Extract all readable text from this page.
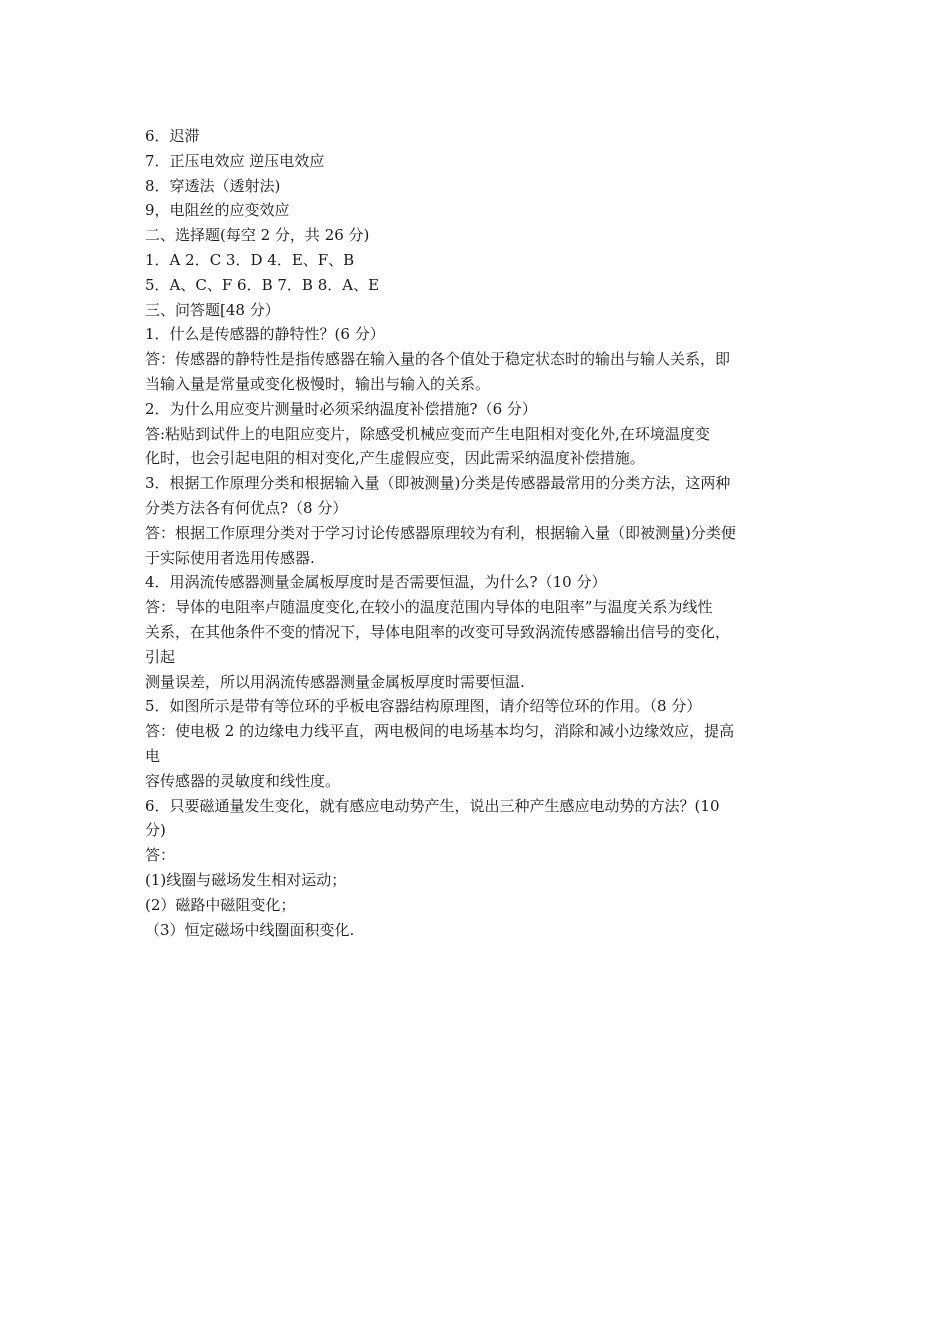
6．迟滞
7．正压电效应 逆压电效应
8．穿透法（透射法)
9，电阻丝的应变效应
二、选择题(每空 2 分，共 26 分)
1．A 2．C 3．D 4．E、F、B
5．A、C、F 6．B 7．B 8．A、E
三、问答题[48 分）
1．什么是传感器的静特性？(6 分）
答：传感器的静特性是指传感器在输入量的各个值处于稳定状态时的输出与输人关系，即
当输入量是常量或变化极慢时，输出与输入的关系。
2．为什么用应变片测量时必须采纳温度补偿措施?（6 分）
答:粘贴到试件上的电阻应变片，除感受机械应变而产生电阻相对变化外,在环境温度变
化时，也会引起电阻的相对变化,产生虚假应变，因此需采纳温度补偿措施。
3．根据工作原理分类和根据输入量（即被测量)分类是传感器最常用的分类方法，这两种
分类方法各有何优点?（8 分）
答：根据工作原理分类对于学习讨论传感器原理较为有利，根据输入量（即被测量)分类便
于实际使用者选用传感器.
4．用涡流传感器测量金属板厚度时是否需要恒温，为什么?（10 分）
答：导体的电阻率卢随温度变化,在较小的温度范围内导体的电阻率”与温度关系为线性
关系，在其他条件不变的情况下，导体电阻率的改变可导致涡流传感器输出信号的变化，
引起
测量误差，所以用涡流传感器测量金属板厚度时需要恒温.
5．如图所示是带有等位环的乎板电容器结构原理图，请介绍等位环的作用。（8 分）
答：使电极 2 的边缘电力线平直，两电极间的电场基本均匀，消除和减小边缘效应，提高
电
容传感器的灵敏度和线性度。
6．只要磁通量发生变化，就有感应电动势产生，说出三种产生感应电动势的方法？(10
分)
答：
(1)线圈与磁场发生相对运动；
(2）磁路中磁阻变化；
（3）恒定磁场中线圈面积变化.
